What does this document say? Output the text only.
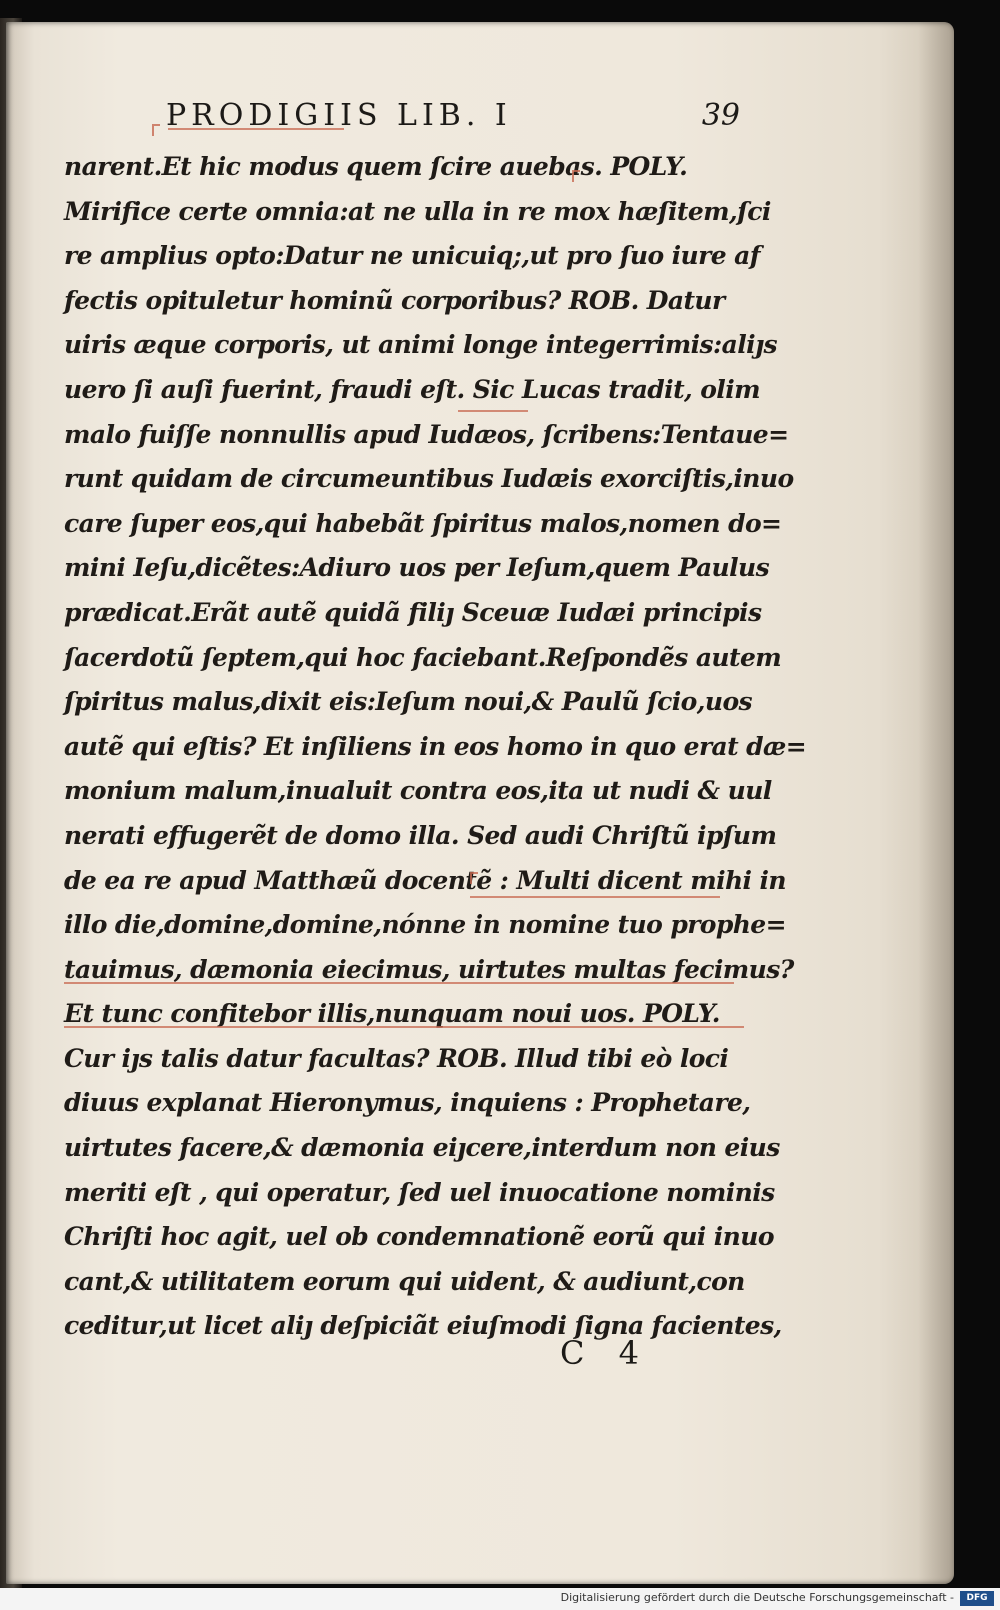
PRODIGIIS LIB. I	39
narent.Et hic modus quem ſcire auebas. POLY.
Mirifice certe omnia:at ne ulla in re mox hæſitem,ſci
re amplius opto:Datur ne unicuiq;,ut pro ſuo iure af
fectis opituletur hominũ corporibus? ROB. Datur
uiris æque corporis, ut animi longe integerrimis:aliȷs
uero ſi auſi fuerint, fraudi eſt. Sic Lucas tradit, olim
malo fuiſſe nonnullis apud Iudæos, ſcribens:Tentaue=
runt quidam de circumeuntibus Iudæis exorciſtis,inuo
care ſuper eos,qui habebãt ſpiritus malos,nomen do=
mini Ieſu,dicẽtes:Adiuro uos per Ieſum,quem Paulus
prædicat.Erãt autẽ quidã filiȷ Sceuæ Iudæi principis
ſacerdotũ ſeptem,qui hoc faciebant.Reſpondẽs autem
ſpiritus malus,dixit eis:Ieſum noui,& Paulũ ſcio,uos
autẽ qui eſtis? Et inſiliens in eos homo in quo erat dæ=
monium malum,inualuit contra eos,ita ut nudi & uul
nerati effugerẽt de domo illa. Sed audi Chriſtũ ipſum
de ea re apud Matthæũ docentẽ : Multi dicent mihi in
illo die,domine,domine,nónne in nomine tuo prophe=
tauimus, dæmonia eiecimus, uirtutes multas fecimus?
Et tunc confitebor illis,nunquam noui uos. POLY.
Cur iȷs talis datur facultas? ROB. Illud tibi eò loci
diuus explanat Hieronymus, inquiens : Prophetare,
uirtutes facere,& dæmonia eiȷcere,interdum non eius
meriti eſt , qui operatur, ſed uel inuocatione nominis
Chriſti hoc agit, uel ob condemnationẽ eorũ qui inuo
cant,& utilitatem eorum qui uident, & audiunt,con
ceditur,ut licet aliȷ deſpiciãt eiuſmodi ſigna facientes,
C 4
Digitalisierung gefördert durch die Deutsche Forschungsgemeinschaft -	DFG
